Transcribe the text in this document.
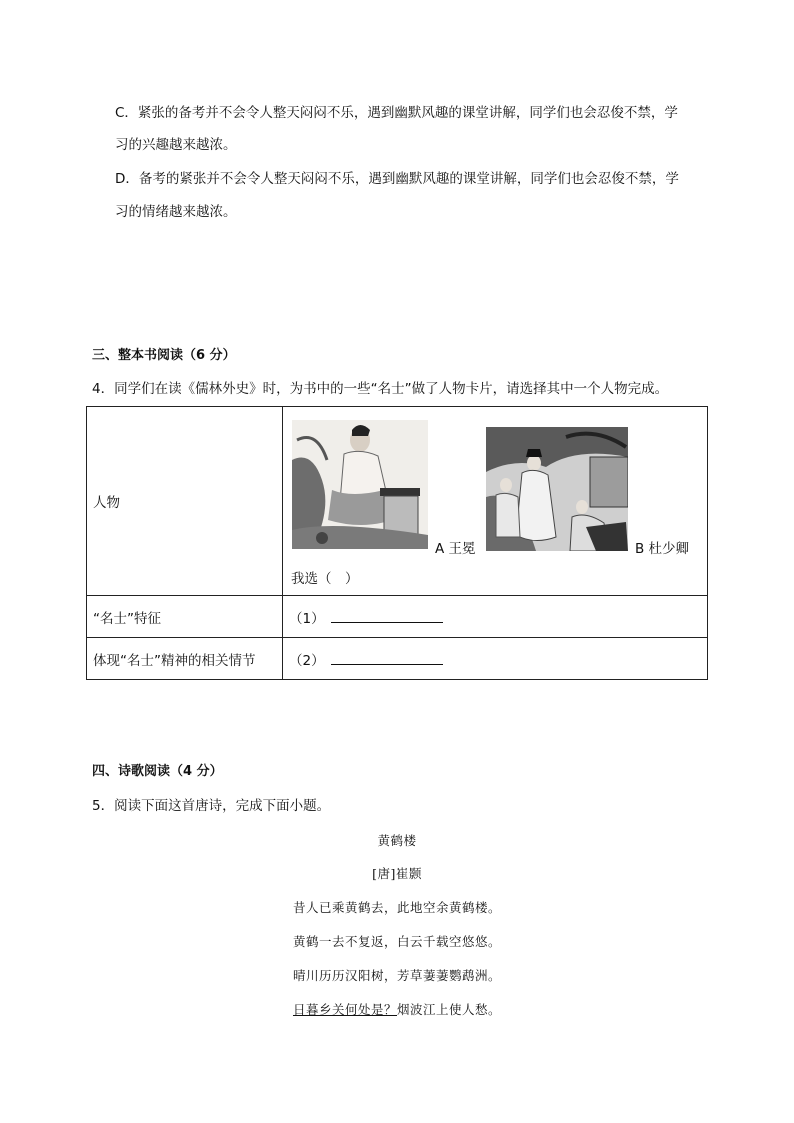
C．紧张的备考并不会令人整天闷闷不乐，遇到幽默风趣的课堂讲解，同学们也会忍俊不禁，学
习的兴趣越来越浓。
D．备考的紧张并不会令人整天闷闷不乐，遇到幽默风趣的课堂讲解，同学们也会忍俊不禁，学
习的情绪越来越浓。
三、整本书阅读（6 分）
4．同学们在读《儒林外史》时，为书中的一些“名士”做了人物卡片，请选择其中一个人物完成。
人物	A 王冕 B 杜少卿
我选（　）

“名士”特征	（1）
体现“名士”精神的相关情节	（2）
四、诗歌阅读（4 分）
5．阅读下面这首唐诗，完成下面小题。
黄鹤楼
[唐]崔颢
昔人已乘黄鹤去，此地空余黄鹤楼。
黄鹤一去不复返，白云千载空悠悠。
晴川历历汉阳树，芳草萋萋鹦鹉洲。
日暮乡关何处是？烟波江上使人愁。
